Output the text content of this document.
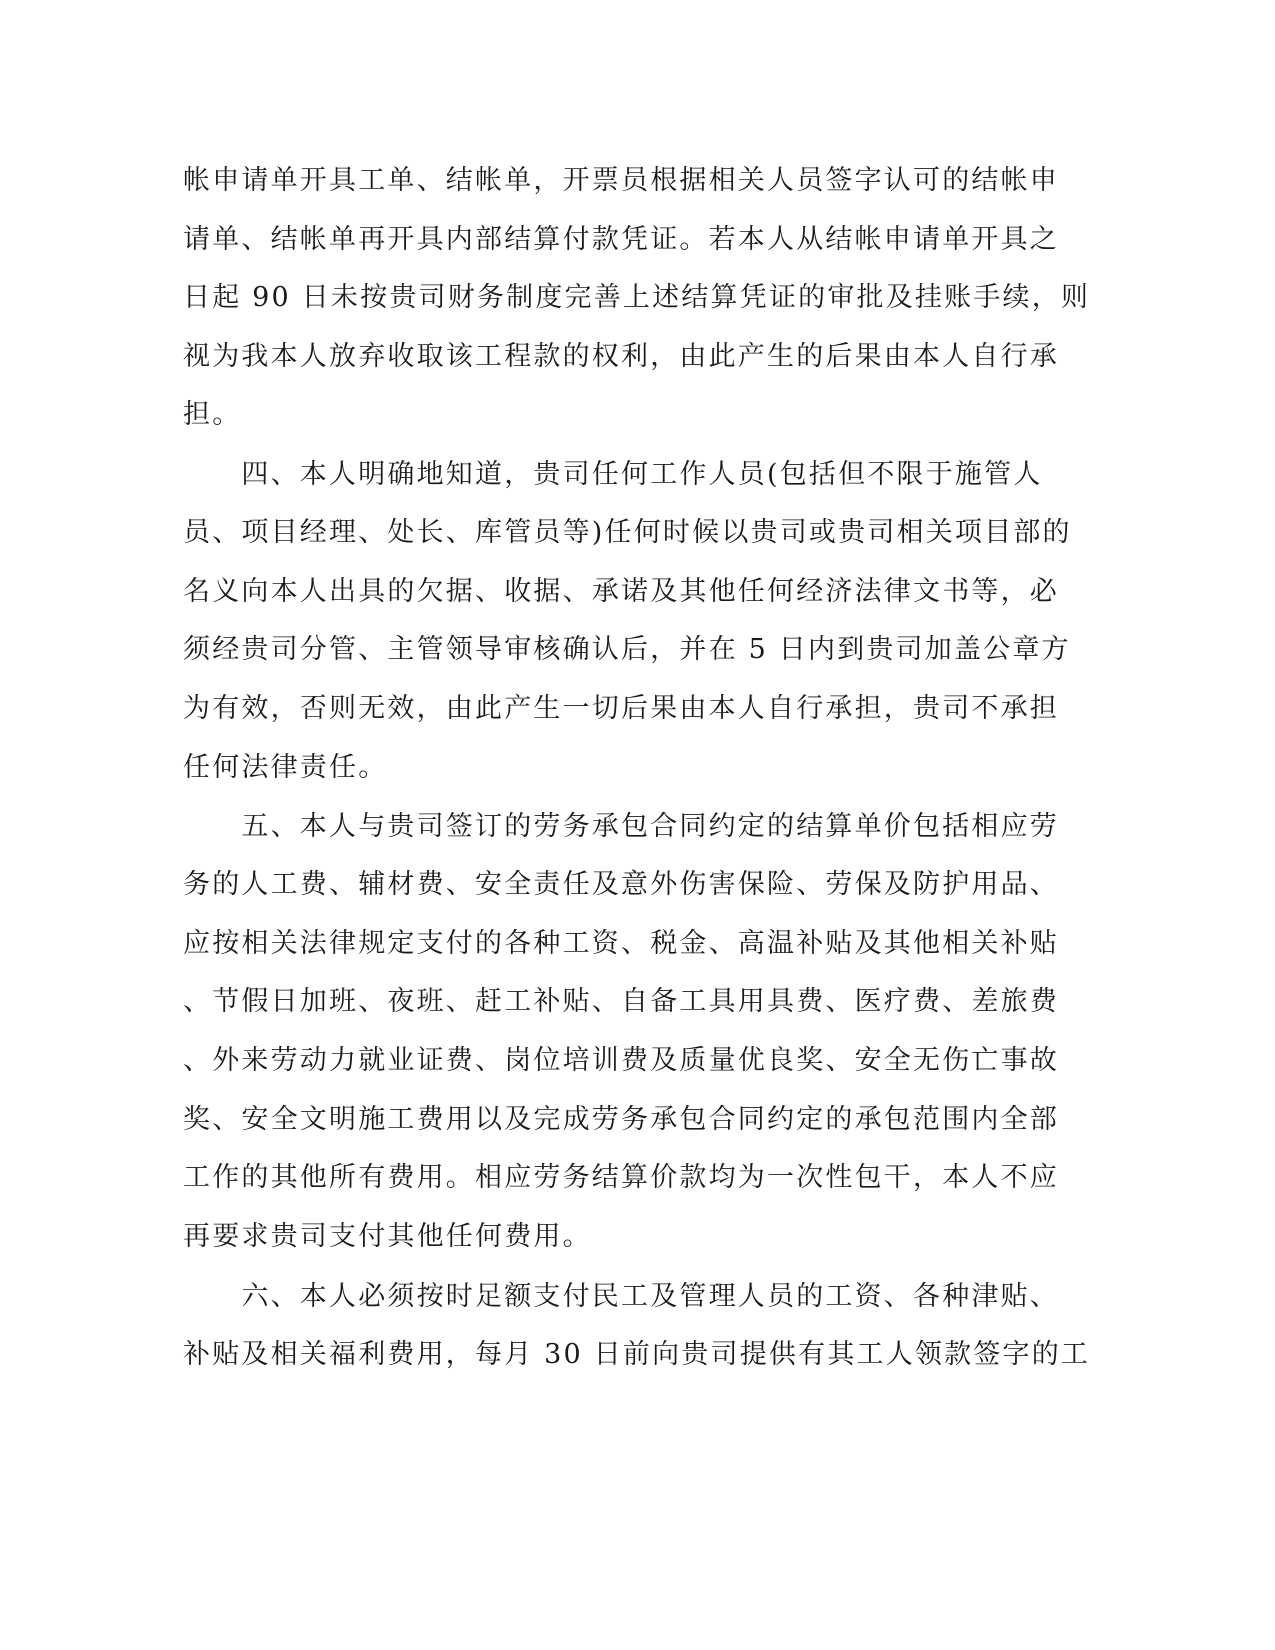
帐申请单开具工单、结帐单，开票员根据相关人员签字认可的结帐申
请单、结帐单再开具内部结算付款凭证。若本人从结帐申请单开具之
日起 90 日未按贵司财务制度完善上述结算凭证的审批及挂账手续，则
视为我本人放弃收取该工程款的权利，由此产生的后果由本人自行承
担。
　　四、本人明确地知道，贵司任何工作人员(包括但不限于施管人
员、项目经理、处长、库管员等)任何时候以贵司或贵司相关项目部的
名义向本人出具的欠据、收据、承诺及其他任何经济法律文书等，必
须经贵司分管、主管领导审核确认后，并在 5 日内到贵司加盖公章方
为有效，否则无效，由此产生一切后果由本人自行承担，贵司不承担
任何法律责任。
　　五、本人与贵司签订的劳务承包合同约定的结算单价包括相应劳
务的人工费、辅材费、安全责任及意外伤害保险、劳保及防护用品、
应按相关法律规定支付的各种工资、税金、高温补贴及其他相关补贴
、节假日加班、夜班、赶工补贴、自备工具用具费、医疗费、差旅费
、外来劳动力就业证费、岗位培训费及质量优良奖、安全无伤亡事故
奖、安全文明施工费用以及完成劳务承包合同约定的承包范围内全部
工作的其他所有费用。相应劳务结算价款均为一次性包干，本人不应
再要求贵司支付其他任何费用。
　　六、本人必须按时足额支付民工及管理人员的工资、各种津贴、
补贴及相关福利费用，每月 30 日前向贵司提供有其工人领款签字的工
